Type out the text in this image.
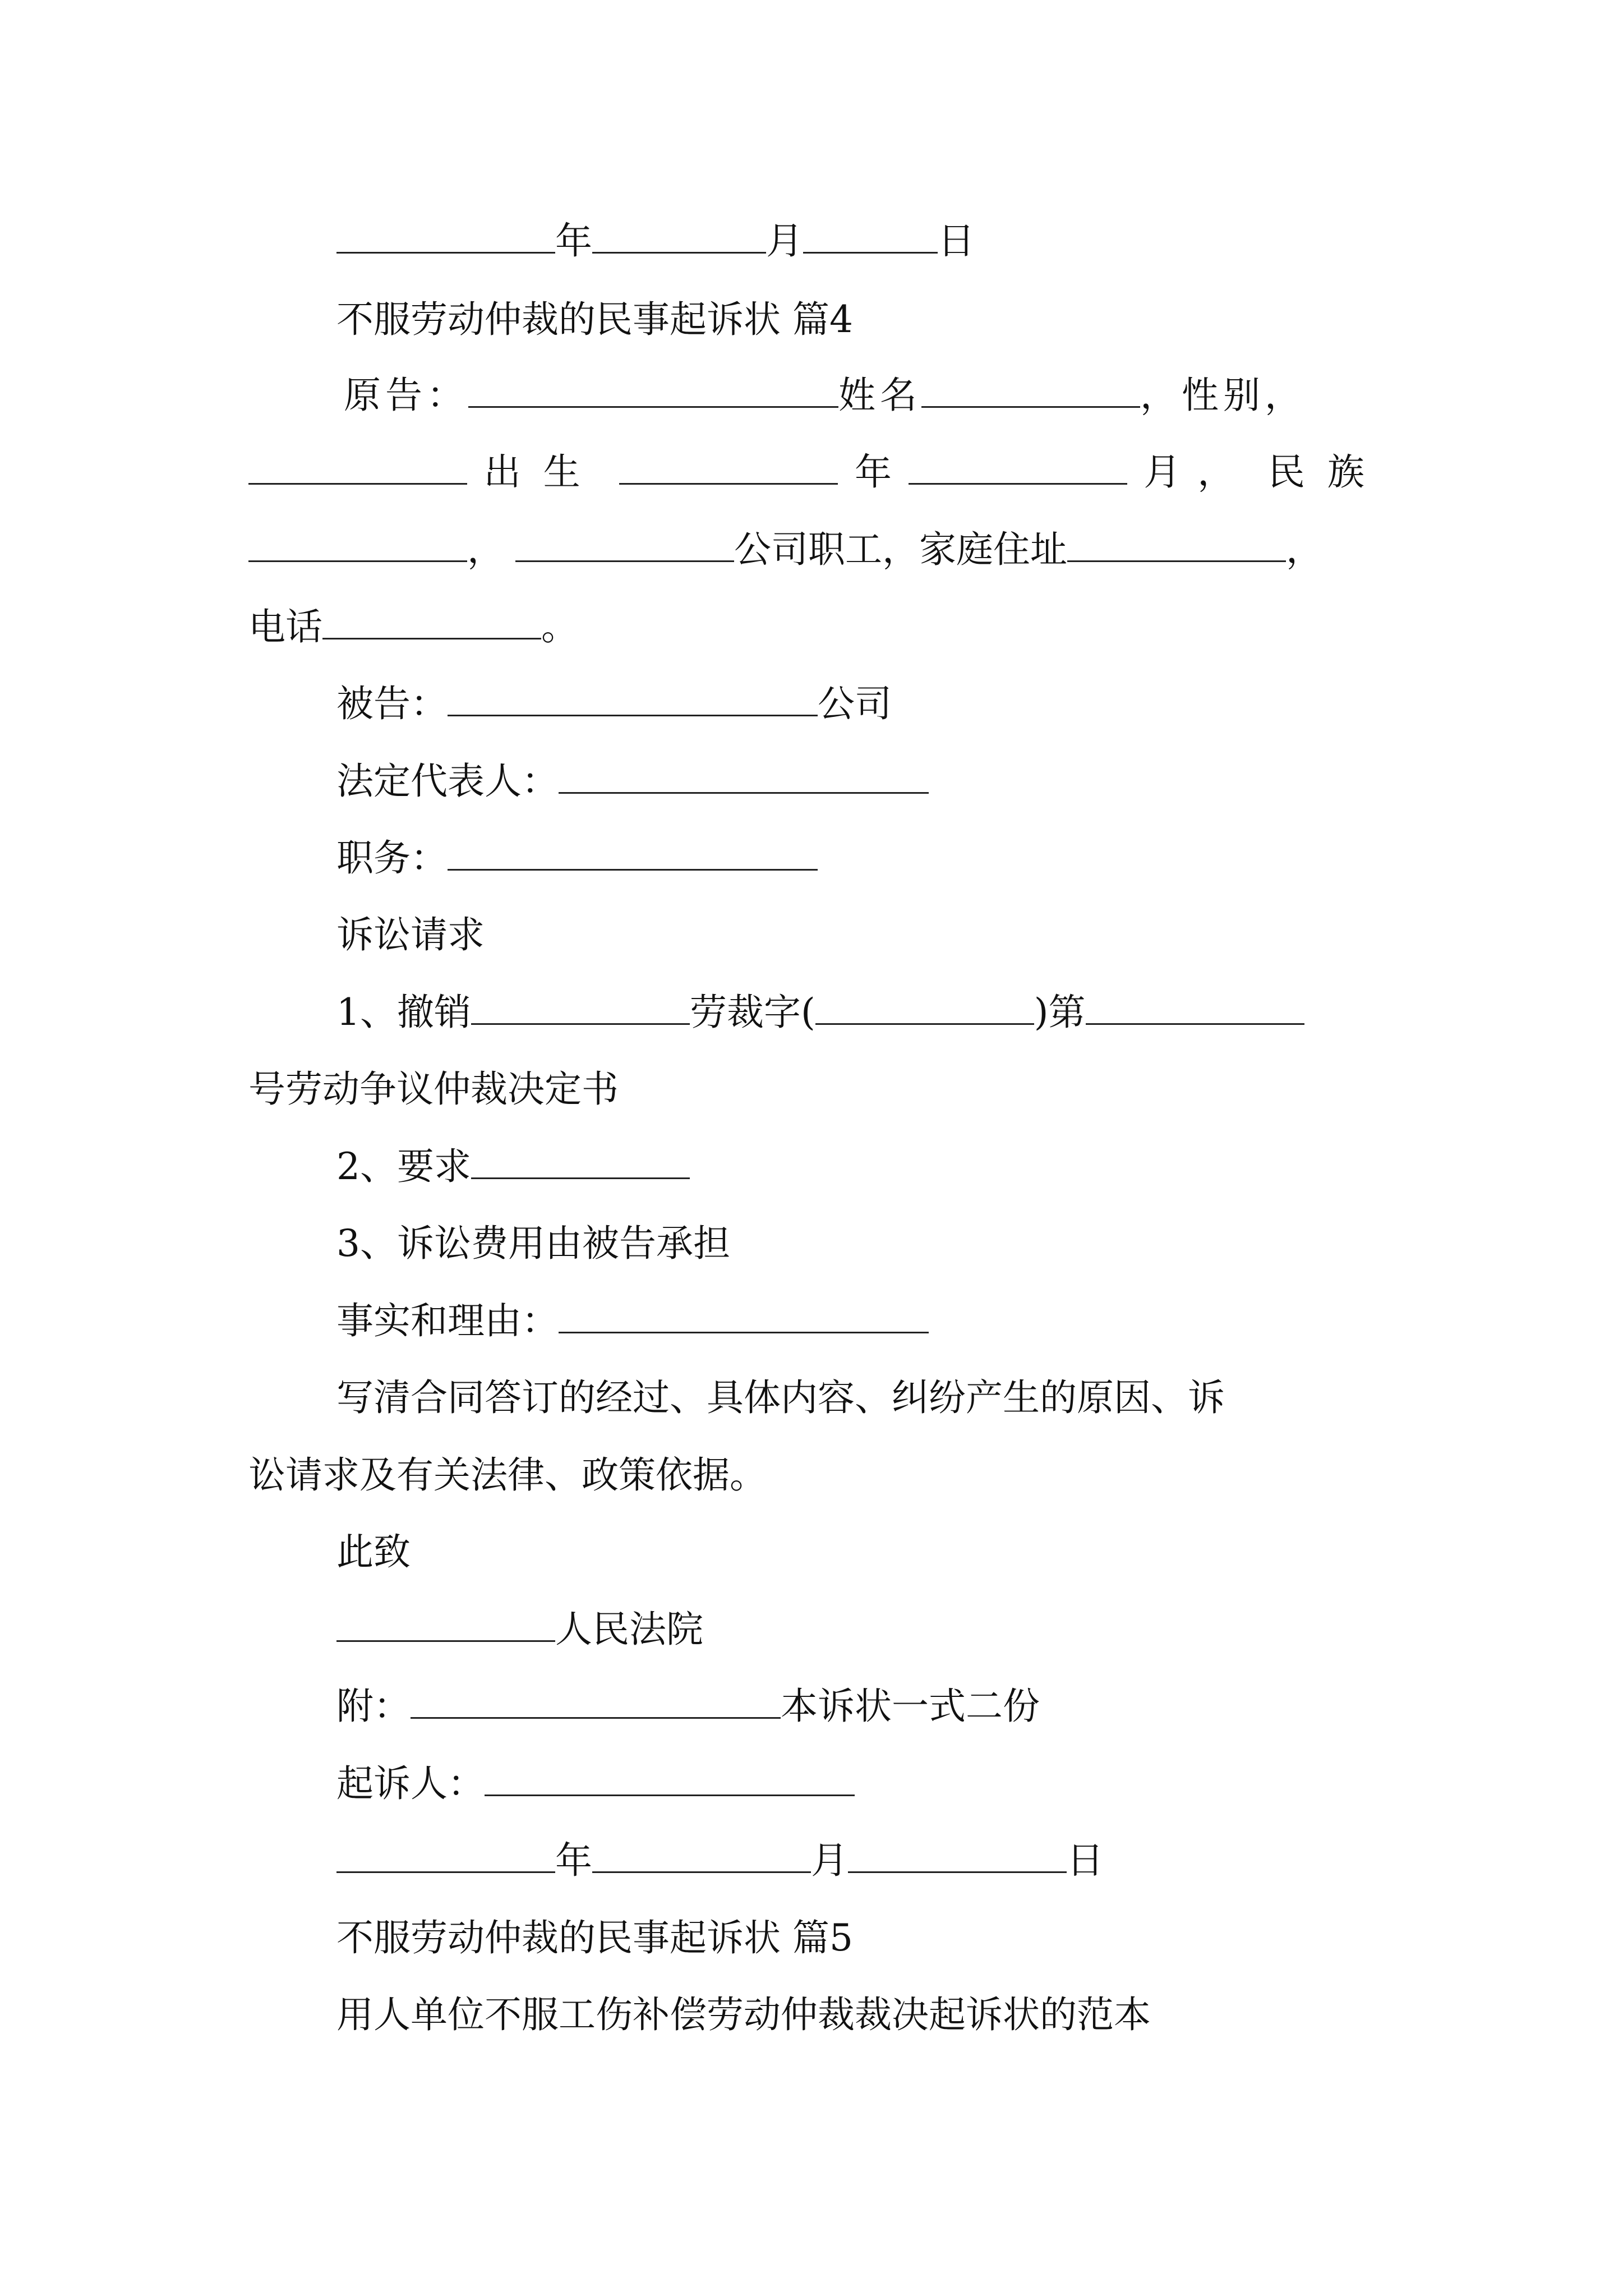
年	月	日
不服劳动仲裁的民事起诉状 篇4
原告：	姓名	，性别，
出生	年	月， 民族
，	公司职工，家庭住址	，
电话	。
被告：	公司
法定代表人：
职务：
诉讼请求
1、撤销	劳裁字(	)第
号劳动争议仲裁决定书
2、要求
3、诉讼费用由被告承担
事实和理由：
写清合同答订的经过、具体内容、纠纷产生的原因、诉
讼请求及有关法律、政策依据。
此致
人民法院
附：	本诉状一式二份
起诉人：
年	月	日
不服劳动仲裁的民事起诉状 篇5
用人单位不服工伤补偿劳动仲裁裁决起诉状的范本
